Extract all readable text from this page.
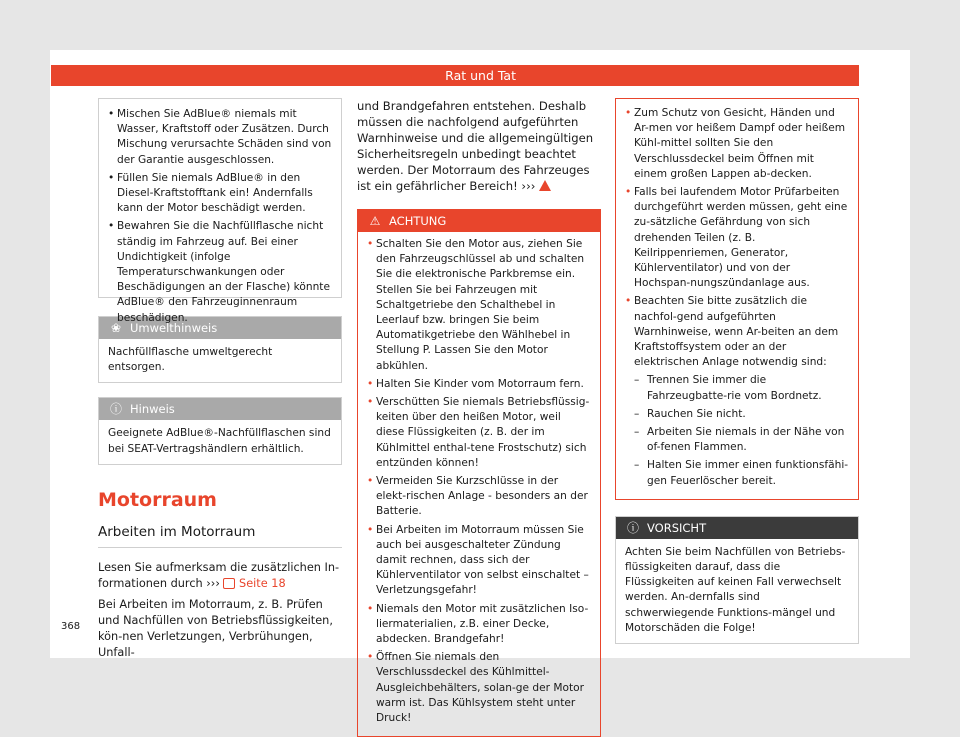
Rat und Tat
• Mischen Sie AdBlue® niemals mit Wasser, Kraftstoff oder Zusätzen. Durch Mischung verursachte Schäden sind von der Garantie ausgeschlossen.
• Füllen Sie niemals AdBlue® in den Diesel-Kraftstofftank ein! Andernfalls kann der Motor beschädigt werden.
• Bewahren Sie die Nachfüllflasche nicht ständig im Fahrzeug auf. Bei einer Undichtigkeit (infolge Temperaturschwankungen oder Beschädigungen an der Flasche) könnte AdBlue® den Fahrzeuginnenraum beschädigen.
❀ Umwelthinweis
Nachfüllflasche umweltgerecht entsorgen.
ⓘ Hinweis
Geeignete AdBlue®-Nachfüllflaschen sind bei SEAT-Vertragshändlern erhältlich.
Motorraum
Arbeiten im Motorraum
Lesen Sie aufmerksam die zusätzlichen In-formationen durch ››› Seite 18
Bei Arbeiten im Motorraum, z. B. Prüfen und Nachfüllen von Betriebsflüssigkeiten, kön-nen Verletzungen, Verbrühungen, Unfall-
und Brandgefahren entstehen. Deshalb müssen die nachfolgend aufgeführten Warnhinweise und die allgemeingültigen Sicherheitsregeln unbedingt beachtet werden. Der Motorraum des Fahrzeuges ist ein gefährlicher Bereich! ›››
⚠ ACHTUNG
• Schalten Sie den Motor aus, ziehen Sie den Fahrzeugschlüssel ab und schalten Sie die elektronische Parkbremse ein. Stellen Sie bei Fahrzeugen mit Schaltgetriebe den Schalthebel in Leerlauf bzw. bringen Sie beim Automatikgetriebe den Wählhebel in Stellung P. Lassen Sie den Motor abkühlen.
• Halten Sie Kinder vom Motorraum fern.
• Verschütten Sie niemals Betriebsflüssig-keiten über den heißen Motor, weil diese Flüssigkeiten (z. B. der im Kühlmittel enthal-tene Frostschutz) sich entzünden können!
• Vermeiden Sie Kurzschlüsse in der elekt-rischen Anlage - besonders an der Batterie.
• Bei Arbeiten im Motorraum müssen Sie auch bei ausgeschalteter Zündung damit rechnen, dass sich der Kühlerventilator von selbst einschaltet – Verletzungsgefahr!
• Niemals den Motor mit zusätzlichen Iso-liermaterialien, z.B. einer Decke, abdecken. Brandgefahr!
• Öffnen Sie niemals den Verschlussdeckel des Kühlmittel-Ausgleichbehälters, solan-ge der Motor warm ist. Das Kühlsystem steht unter Druck!
• Zum Schutz von Gesicht, Händen und Ar-men vor heißem Dampf oder heißem Kühl-mittel sollten Sie den Verschlussdeckel beim Öffnen mit einem großen Lappen ab-decken.
• Falls bei laufendem Motor Prüfarbeiten durchgeführt werden müssen, geht eine zu-sätzliche Gefährdung von sich drehenden Teilen (z. B. Keilrippenriemen, Generator, Kühlerventilator) und von der Hochspan-nungszündanlage aus.
• Beachten Sie bitte zusätzlich die nachfol-gend aufgeführten Warnhinweise, wenn Ar-beiten an dem Kraftstoffsystem oder an der elektrischen Anlage notwendig sind:
– Trennen Sie immer die Fahrzeugbatte-rie vom Bordnetz.
– Rauchen Sie nicht.
– Arbeiten Sie niemals in der Nähe von of-fenen Flammen.
– Halten Sie immer einen funktionsfähi-gen Feuerlöscher bereit.
ⓘ VORSICHT
Achten Sie beim Nachfüllen von Betriebs-flüssigkeiten darauf, dass die Flüssigkeiten auf keinen Fall verwechselt werden. An-dernfalls sind schwerwiegende Funktions-mängel und Motorschäden die Folge!
368
